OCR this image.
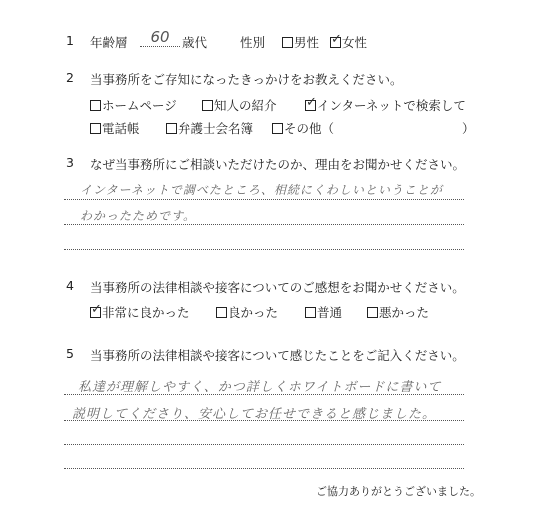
1 年齢層	60 歳代	性別	男性 ✓	女性
2 当事務所をご存知になったきっかけをお教えください。
ホームページ	知人の紹介 ✓	インターネットで検索して
電話帳	弁護士会名簿	その他（	）
3 なぜ当事務所にご相談いただけたのか、理由をお聞かせください。
インターネットで調べたところ、相続にくわしいということが
わかったためです。
4 当事務所の法律相談や接客についてのご感想をお聞かせください。
✓非常に良かった	良かった	普通	悪かった
5 当事務所の法律相談や接客について感じたことをご記入ください。
私達が理解しやすく、かつ詳しくホワイトボードに書いて
説明してくださり、安心してお任せできると感じました。
ご協力ありがとうございました。
